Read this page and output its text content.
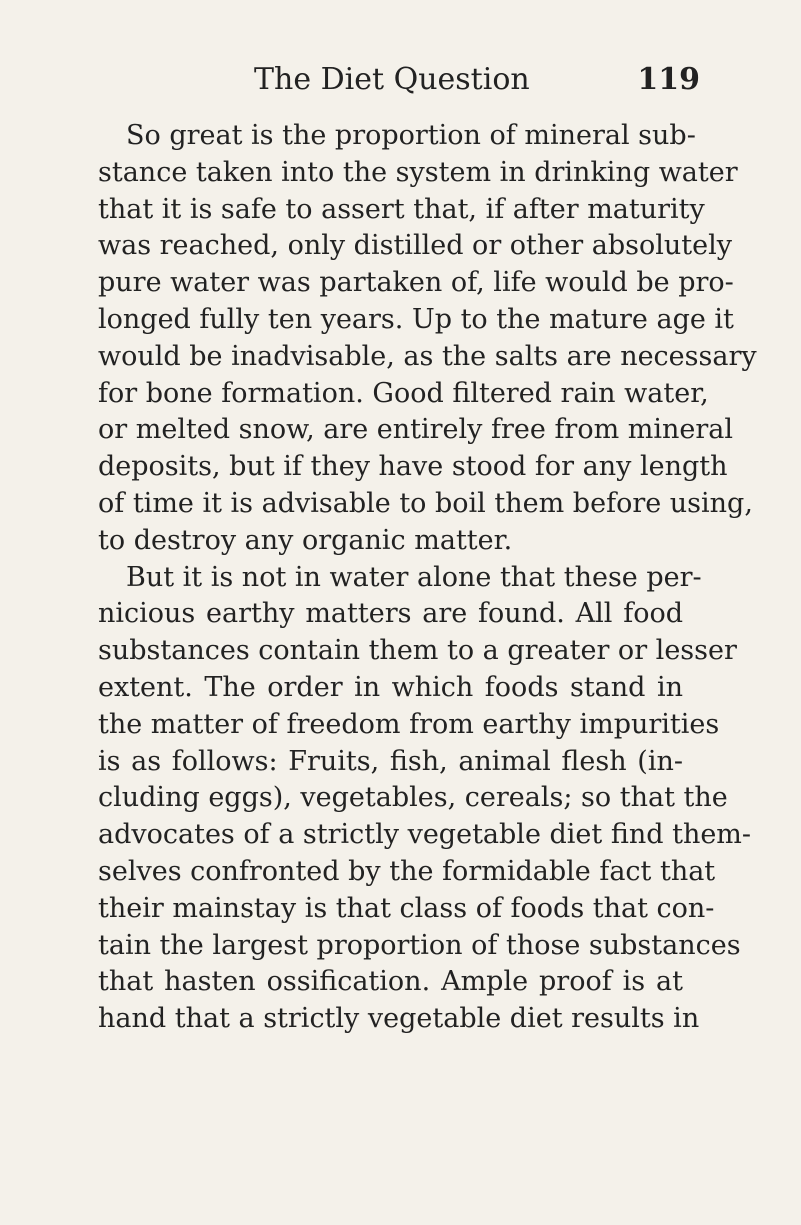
The Diet Question	119
So great is the proportion of mineral sub-
stance taken into the system in drinking water
that it is safe to assert that, if after maturity
was reached, only distilled or other absolutely
pure water was partaken of, life would be pro-
longed fully ten years. Up to the mature age it
would be inadvisable, as the salts are necessary
for bone formation. Good filtered rain water,
or melted snow, are entirely free from mineral
deposits, but if they have stood for any length
of time it is advisable to boil them before using,
to destroy any organic matter.
But it is not in water alone that these per-
nicious earthy matters are found. All food
substances contain them to a greater or lesser
extent. The order in which foods stand in
the matter of freedom from earthy impurities
is as follows: Fruits, fish, animal flesh (in-
cluding eggs), vegetables, cereals; so that the
advocates of a strictly vegetable diet find them-
selves confronted by the formidable fact that
their mainstay is that class of foods that con-
tain the largest proportion of those substances
that hasten ossification. Ample proof is at
hand that a strictly vegetable diet results in
